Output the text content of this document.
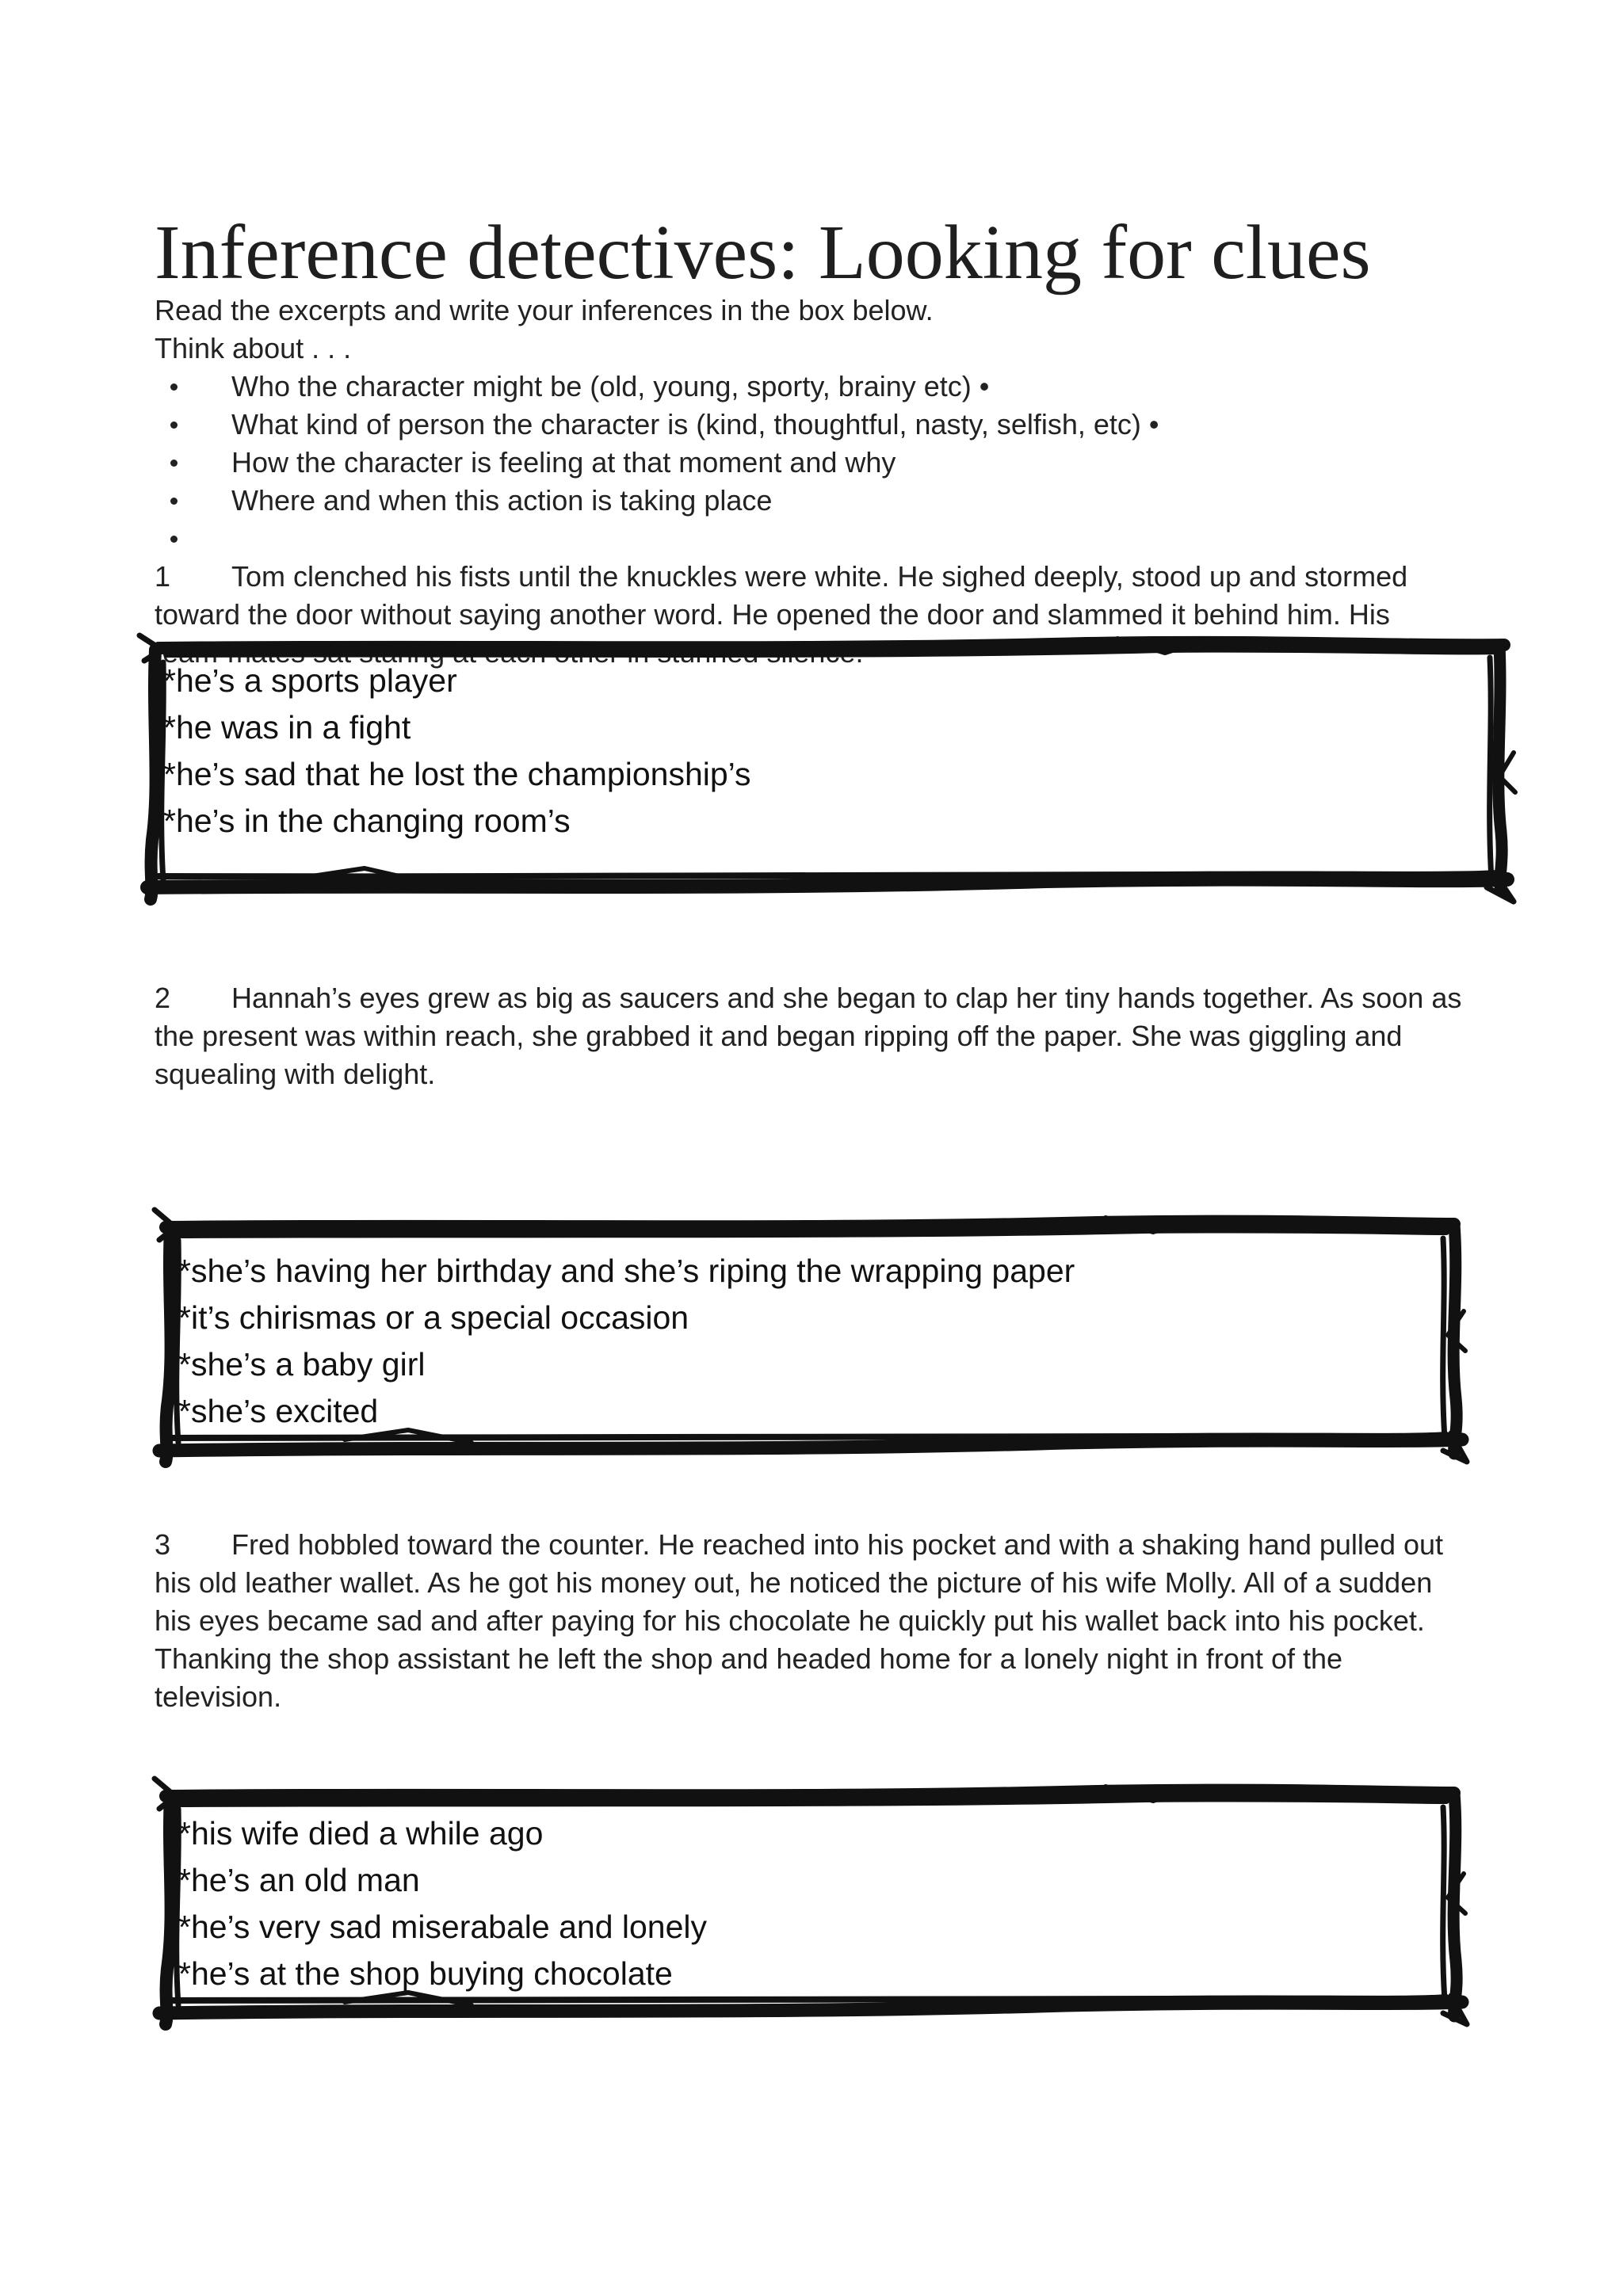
Inference detectives: Looking for clues
Read the excerpts and write your inferences in the box below.
Think about . . .
Who the character might be (old, young, sporty, brainy etc) •
What kind of person the character is (kind, thoughtful, nasty, selfish, etc) •
How the character is feeling at that moment and why
Where and when this action is taking place
1 Tom clenched his fists until the knuckles were white. He sighed deeply, stood up and stormed toward the door without saying another word. He opened the door and slammed it behind him. His team-mates sat staring at each other in stunned silence.
*he’s a sports player
*he was in a fight
*he’s sad that he lost the championship’s
*he’s in the changing room’s
2 Hannah’s eyes grew as big as saucers and she began to clap her tiny hands together. As soon as the present was within reach, she grabbed it and began ripping off the paper. She was giggling and squealing with delight.
*she’s having her birthday and she’s riping the wrapping paper
*it’s chirismas or a special occasion
*she’s a baby girl
*she’s excited
3 Fred hobbled toward the counter. He reached into his pocket and with a shaking hand pulled out his old leather wallet. As he got his money out, he noticed the picture of his wife Molly. All of a sudden his eyes became sad and after paying for his chocolate he quickly put his wallet back into his pocket. Thanking the shop assistant he left the shop and headed home for a lonely night in front of the television.
*his wife died a while ago
*he’s an old man
*he’s very sad miserabale and lonely
*he’s at the shop buying chocolate
